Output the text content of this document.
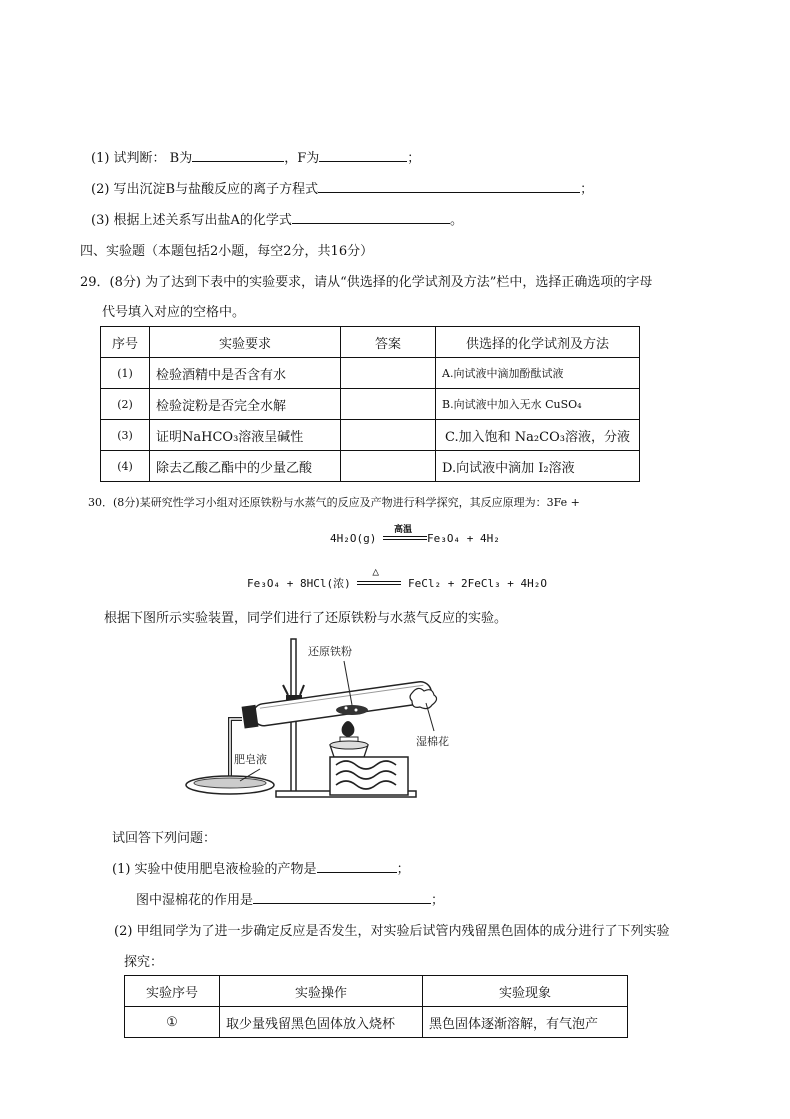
(1) 试判断： B为	，F为	；
(2) 写出沉淀B与盐酸反应的离子方程式	；
(3) 根据上述关系写出盐A的化学式	。
四、实验题（本题包括2小题，每空2分，共16分）
29．(8分) 为了达到下表中的实验要求，请从“供选择的化学试剂及方法”栏中，选择正确选项的字母
代号填入对应的空格中。
序号	实验要求	答案	供选择的化学试剂及方法
(1)	检验酒精中是否含有水		A.向试液中滴加酚酞试液
(2)	检验淀粉是否完全水解		B.向试液中加入无水 CuSO₄
(3)	证明NaHCO₃溶液呈碱性		C.加入饱和 Na₂CO₃溶液，分液
(4)	除去乙酸乙酯中的少量乙酸		D.向试液中滴加 I₂溶液
30．(8分)某研究性学习小组对还原铁粉与水蒸气的反应及产物进行科学探究，其反应原理为：3Fe +
4H₂O(g)
高温
Fe₃O₄ + 4H₂
Fe₃O₄ + 8HCl(浓)
△
FeCl₂ + 2FeCl₃ + 4H₂O
根据下图所示实验装置，同学们进行了还原铁粉与水蒸气反应的实验。
还原铁粉
湿棉花
肥皂液
试回答下列问题：
(1) 实验中使用肥皂液检验的产物是	；
图中湿棉花的作用是	；
(2) 甲组同学为了进一步确定反应是否发生，对实验后试管内残留黑色固体的成分进行了下列实验
探究：
实验序号	实验操作	实验现象
①	取少量残留黑色固体放入烧杯	黑色固体逐渐溶解，有气泡产
